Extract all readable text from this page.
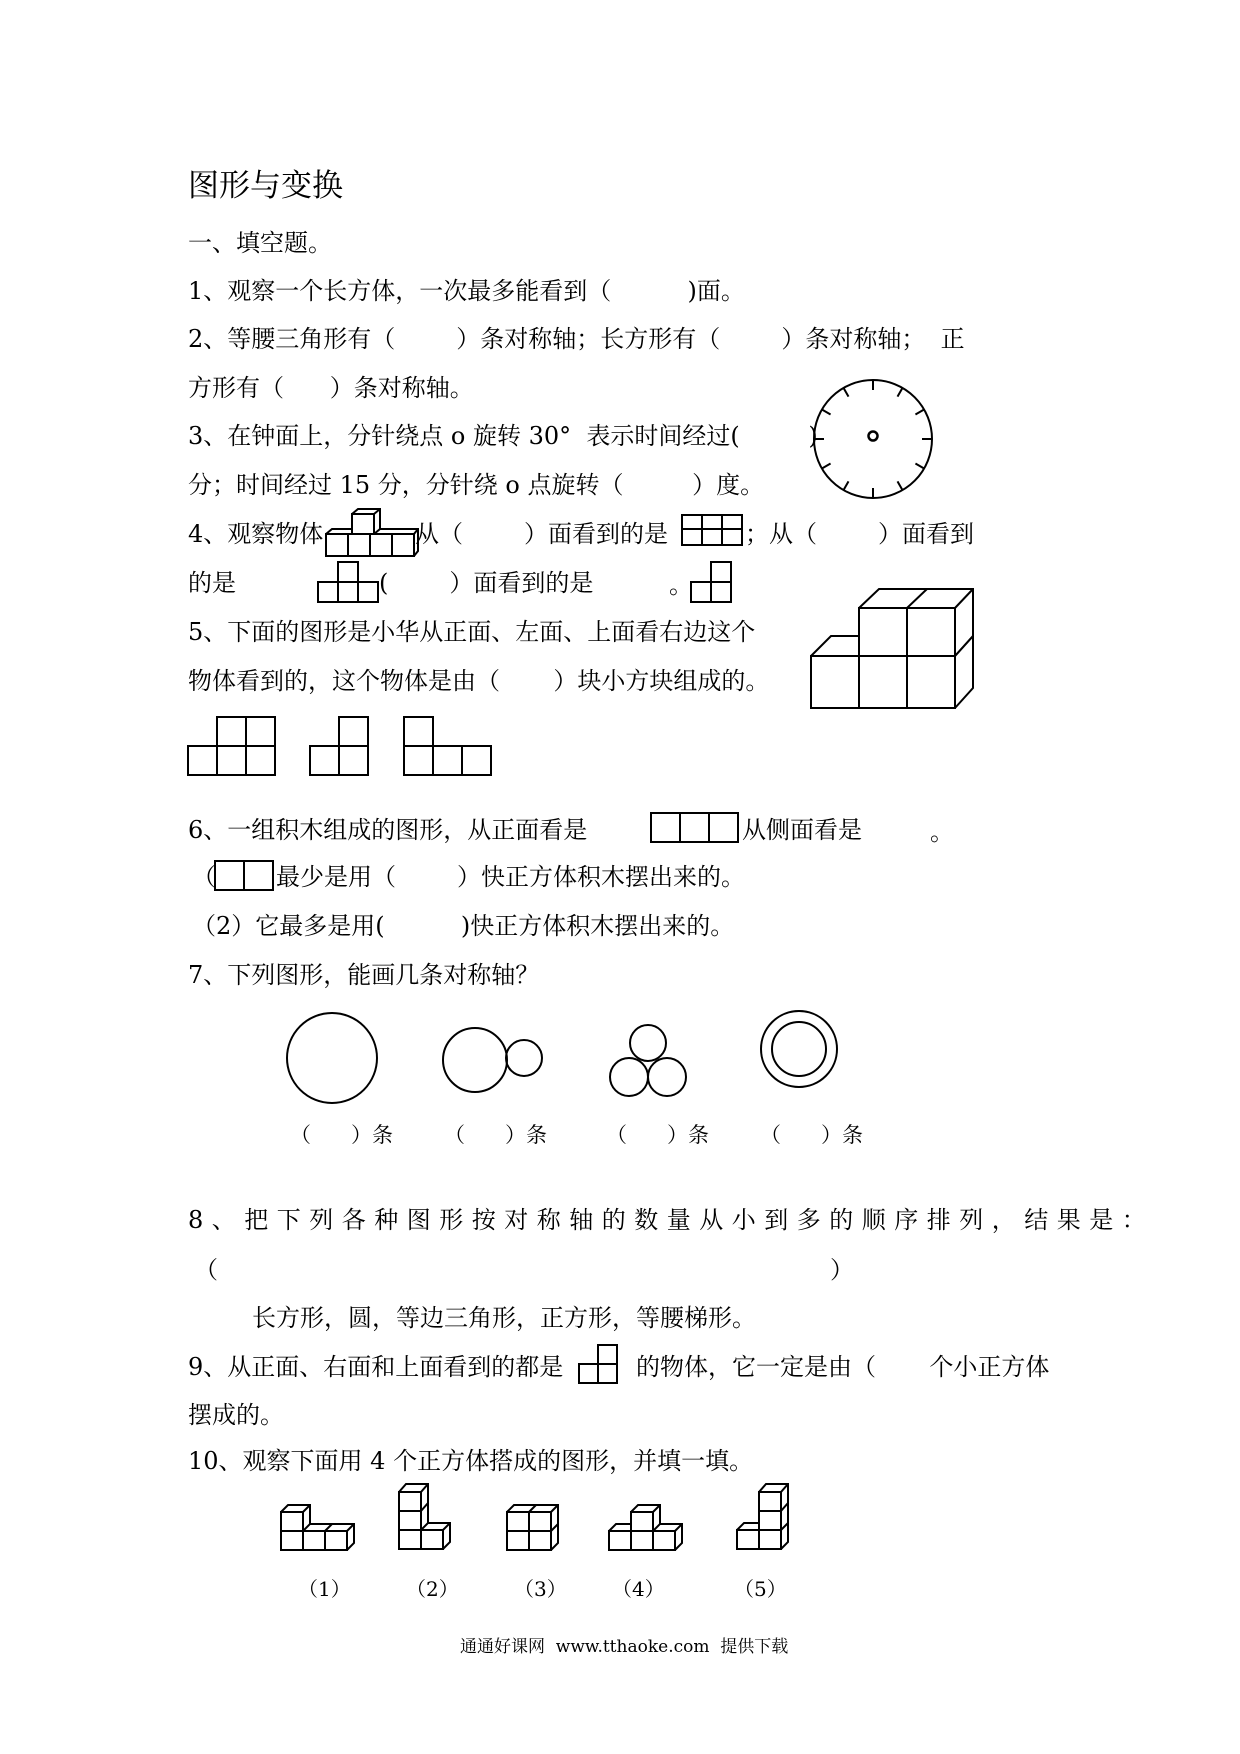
图形与变换
一、填空题。
1、观察一个长方体，一次最多能看到（          )面。
2、等腰三角形有（        ）条对称轴；长方形有（        ）条对称轴；  正
方形有（      ）条对称轴。
3、在钟面上，分针绕点 o 旋转 30°  表示时间经过(         )
分；时间经过 15 分，分针绕 o 点旋转（         ）度。
4、观察物体	从（        ）面看到的是	；从（        ）面看到
的是	(        ）面看到的是	。
5、下面的图形是小华从正面、左面、上面看右边这个
物体看到的，这个物体是由（       ）块小方块组成的。
6、一组积木组成的图形，从正面看是	从侧面看是	。
（	最少是用（        ）快正方体积木摆出来的。
（2）它最多是用(          )快正方体积木摆出来的。
7、下列图形，能画几条对称轴？
（      ）条 （      ）条	（      ）条 （      ）条
8、把下列各种图形按对称轴的数量从小到多的顺序排列，结果是：
（	）
长方形，圆，等边三角形，正方形，等腰梯形。
9、从正面、右面和上面看到的都是	的物体，它一定是由（       个小正方体
摆成的。
10、观察下面用 4 个正方体搭成的图形，并填一填。
（1）	（2）	（3） （4）	（5）
通通好课网  www.tthaoke.com  提供下载
